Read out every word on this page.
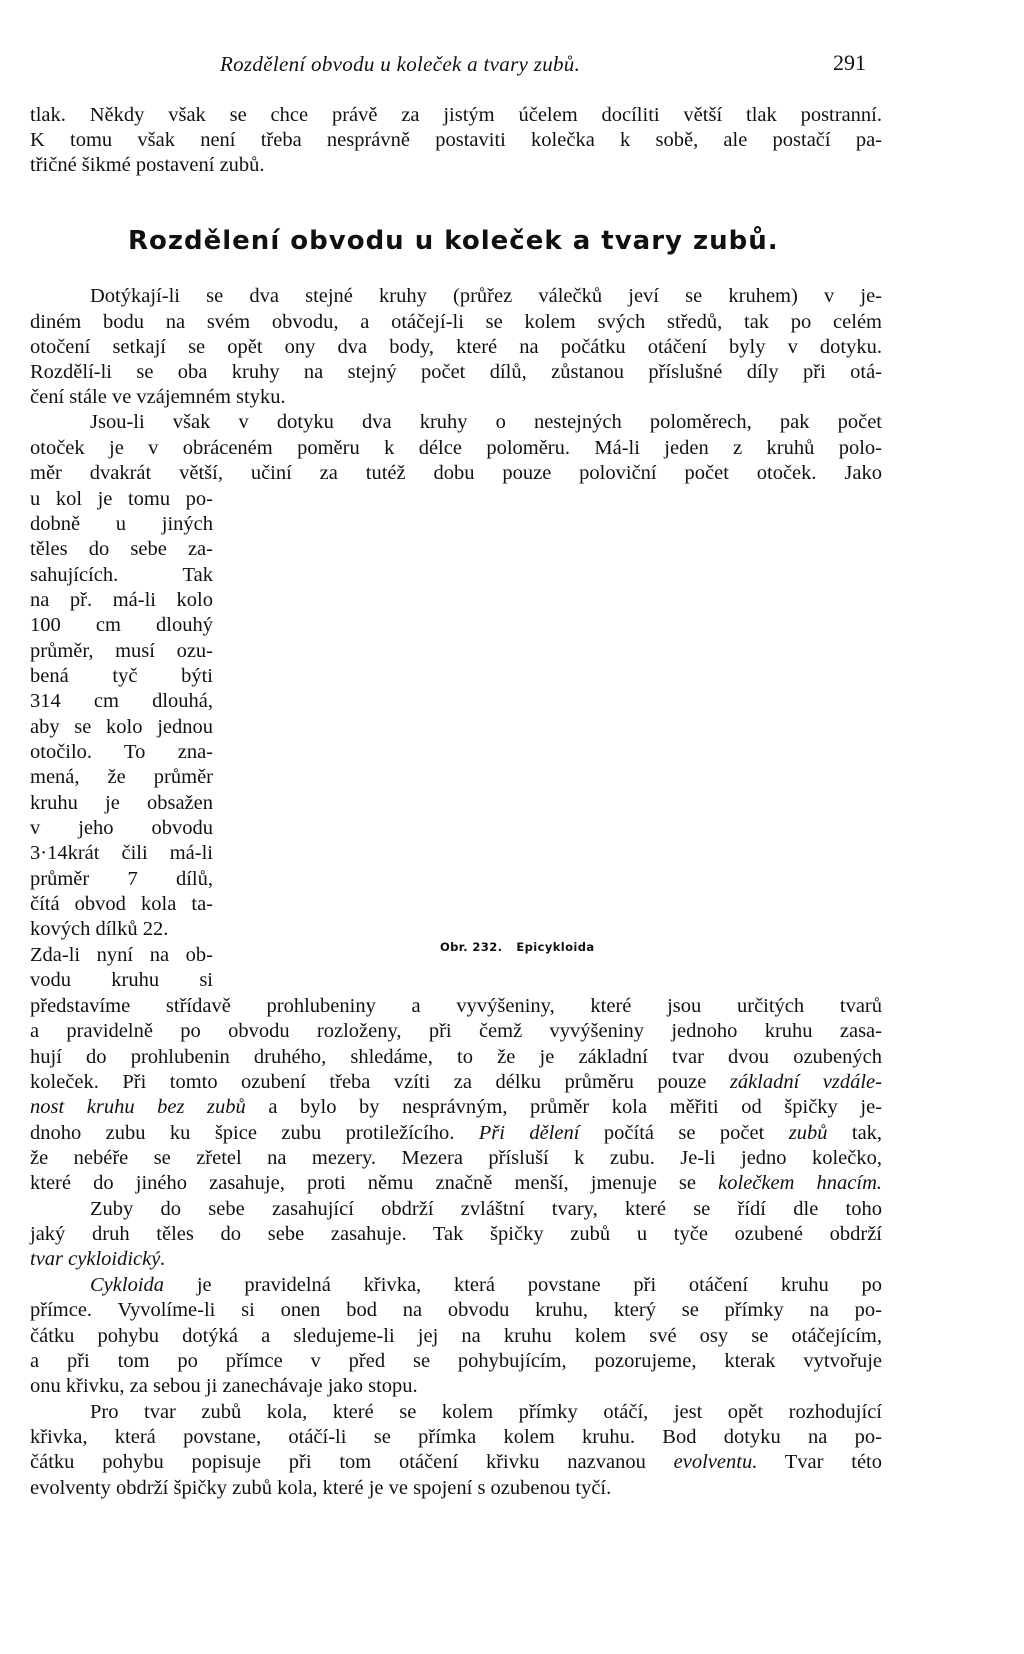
Rozdělení obvodu u koleček a tvary zubů.	291
tlak. Někdy však se chce právě za jistým účelem docíliti větší tlak postranní.
K tomu však není třeba nesprávně postaviti kolečka k sobě, ale postačí pa-
třičné šikmé postavení zubů.
Rozdělení obvodu u koleček a tvary zubů.
Dotýkají-li se dva stejné kruhy (průřez válečků jeví se kruhem) v je-
diném bodu na svém obvodu, a otáčejí-li se kolem svých středů, tak po celém
otočení setkají se opět ony dva body, které na počátku otáčení byly v dotyku.
Rozdělí-li se oba kruhy na stejný počet dílů, zůstanou příslušné díly při otá-
čení stále ve vzájemném styku.
Jsou-li však v dotyku dva kruhy o nestejných poloměrech, pak počet
otoček je v obráceném poměru k délce poloměru. Má-li jeden z kruhů polo-
měr dvakrát větší, učiní za tutéž dobu pouze poloviční počet otoček. Jako
u kol je tomu po-
dobně u jiných
těles do sebe za-
sahujících. Tak
na př. má-li kolo
100 cm dlouhý
průměr, musí ozu-
bená tyč býti
314 cm dlouhá,
aby se kolo jednou
otočilo. To zna-
mená, že průměr
kruhu je obsažen
v jeho obvodu
3·14krát čili má-li
průměr 7 dílů,
čítá obvod kola ta-
kových dílků 22.
Zda-li nyní na ob-
vodu kruhu si
Obr. 232. Epicykloida
představíme střídavě prohlubeniny a vyvýšeniny, které jsou určitých tvarů
a pravidelně po obvodu rozloženy, při čemž vyvýšeniny jednoho kruhu zasa-
hují do prohlubenin druhého, shledáme, to že je základní tvar dvou ozubených
koleček. Při tomto ozubení třeba vzíti za délku průměru pouze základní vzdále-
nost kruhu bez zubů a bylo by nesprávným, průměr kola měřiti od špičky je-
dnoho zubu ku špice zubu protiležícího. Při dělení počítá se počet zubů tak,
že nebéře se zřetel na mezery. Mezera přísluší k zubu. Je-li jedno kolečko,
které do jiného zasahuje, proti němu značně menší, jmenuje se kolečkem hnacím.
Zuby do sebe zasahující obdrží zvláštní tvary, které se řídí dle toho
jaký druh těles do sebe zasahuje. Tak špičky zubů u tyče ozubené obdrží
tvar cykloidický.
Cykloida je pravidelná křivka, která povstane při otáčení kruhu po
přímce. Vyvolíme-li si onen bod na obvodu kruhu, který se přímky na po-
čátku pohybu dotýká a sledujeme-li jej na kruhu kolem své osy se otáčejícím,
a při tom po přímce v před se pohybujícím, pozorujeme, kterak vytvořuje
onu křivku, za sebou ji zanechávaje jako stopu.
Pro tvar zubů kola, které se kolem přímky otáčí, jest opět rozhodující
křivka, která povstane, otáčí-li se přímka kolem kruhu. Bod dotyku na po-
čátku pohybu popisuje při tom otáčení křivku nazvanou evolventu. Tvar této
evolventy obdrží špičky zubů kola, které je ve spojení s ozubenou tyčí.
